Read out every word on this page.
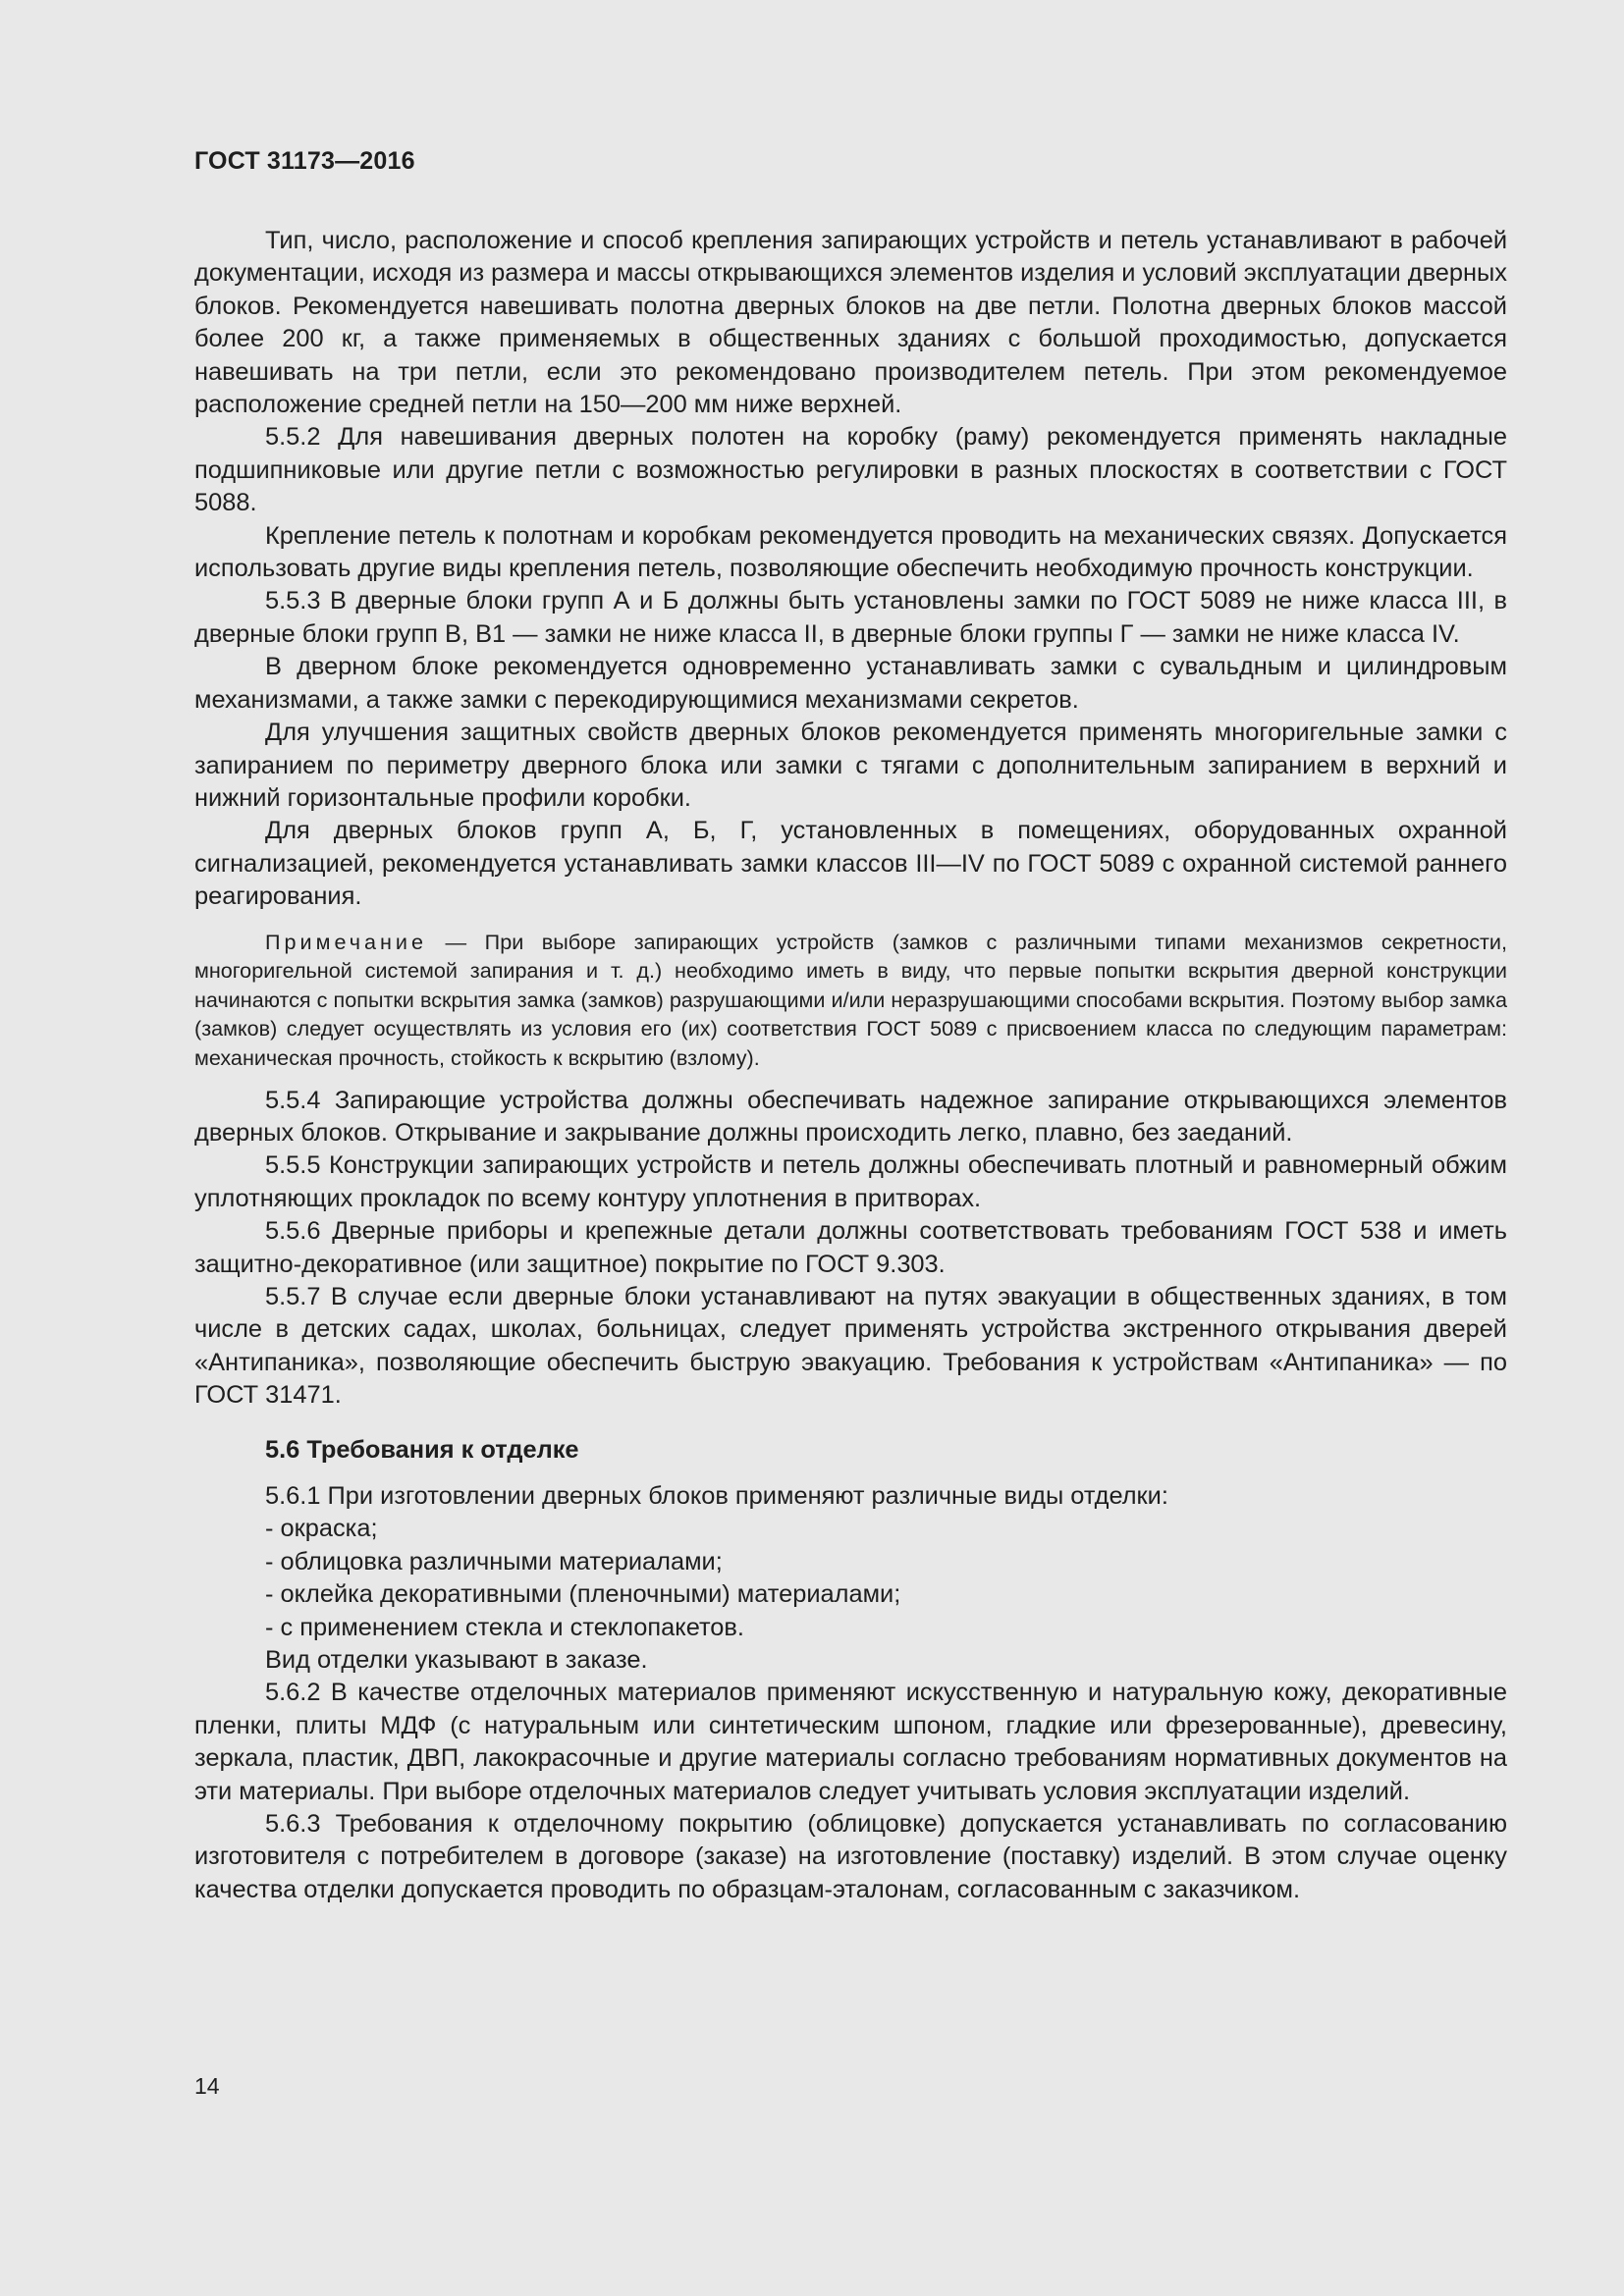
ГОСТ 31173—2016

Тип, число, расположение и способ крепления запирающих устройств и петель устанавливают в рабочей документации, исходя из размера и массы открывающихся элементов изделия и условий эксплуатации дверных блоков. Рекомендуется навешивать полотна дверных блоков на две петли. Полотна дверных блоков массой более 200 кг, а также применяемых в общественных зданиях с большой проходимостью, допускается навешивать на три петли, если это рекомендовано производителем петель. При этом рекомендуемое расположение средней петли на 150—200 мм ниже верхней.

5.5.2 Для навешивания дверных полотен на коробку (раму) рекомендуется применять накладные подшипниковые или другие петли с возможностью регулировки в разных плоскостях в соответствии с ГОСТ 5088.

Крепление петель к полотнам и коробкам рекомендуется проводить на механических связях. Допускается использовать другие виды крепления петель, позволяющие обеспечить необходимую прочность конструкции.

5.5.3 В дверные блоки групп А и Б должны быть установлены замки по ГОСТ 5089 не ниже класса III, в дверные блоки групп В, В1 — замки не ниже класса II, в дверные блоки группы Г — замки не ниже класса IV.

В дверном блоке рекомендуется одновременно устанавливать замки с сувальдным и цилиндровым механизмами, а также замки с перекодирующимися механизмами секретов.

Для улучшения защитных свойств дверных блоков рекомендуется применять многоригельные замки с запиранием по периметру дверного блока или замки с тягами с дополнительным запиранием в верхний и нижний горизонтальные профили коробки.

Для дверных блоков групп А, Б, Г, установленных в помещениях, оборудованных охранной сигнализацией, рекомендуется устанавливать замки классов III—IV по ГОСТ 5089 с охранной системой раннего реагирования.

Примечание — При выборе запирающих устройств (замков с различными типами механизмов секретности, многоригельной системой запирания и т. д.) необходимо иметь в виду, что первые попытки вскрытия дверной конструкции начинаются с попытки вскрытия замка (замков) разрушающими и/или неразрушающими способами вскрытия. Поэтому выбор замка (замков) следует осуществлять из условия его (их) соответствия ГОСТ 5089 с присвоением класса по следующим параметрам: механическая прочность, стойкость к вскрытию (взлому).

5.5.4 Запирающие устройства должны обеспечивать надежное запирание открывающихся элементов дверных блоков. Открывание и закрывание должны происходить легко, плавно, без заеданий.

5.5.5 Конструкции запирающих устройств и петель должны обеспечивать плотный и равномерный обжим уплотняющих прокладок по всему контуру уплотнения в притворах.

5.5.6 Дверные приборы и крепежные детали должны соответствовать требованиям ГОСТ 538 и иметь защитно-декоративное (или защитное) покрытие по ГОСТ 9.303.

5.5.7 В случае если дверные блоки устанавливают на путях эвакуации в общественных зданиях, в том числе в детских садах, школах, больницах, следует применять устройства экстренного открывания дверей «Антипаника», позволяющие обеспечить быструю эвакуацию. Требования к устройствам «Антипаника» — по ГОСТ 31471.

5.6 Требования к отделке

5.6.1 При изготовлении дверных блоков применяют различные виды отделки:

- окраска;

- облицовка различными материалами;

- оклейка декоративными (пленочными) материалами;

- с применением стекла и стеклопакетов.

Вид отделки указывают в заказе.

5.6.2 В качестве отделочных материалов применяют искусственную и натуральную кожу, декоративные пленки, плиты МДФ (с натуральным или синтетическим шпоном, гладкие или фрезерованные), древесину, зеркала, пластик, ДВП, лакокрасочные и другие материалы согласно требованиям нормативных документов на эти материалы. При выборе отделочных материалов следует учитывать условия эксплуатации изделий.

5.6.3 Требования к отделочному покрытию (облицовке) допускается устанавливать по согласованию изготовителя с потребителем в договоре (заказе) на изготовление (поставку) изделий. В этом случае оценку качества отделки допускается проводить по образцам-эталонам, согласованным с заказчиком.

14
